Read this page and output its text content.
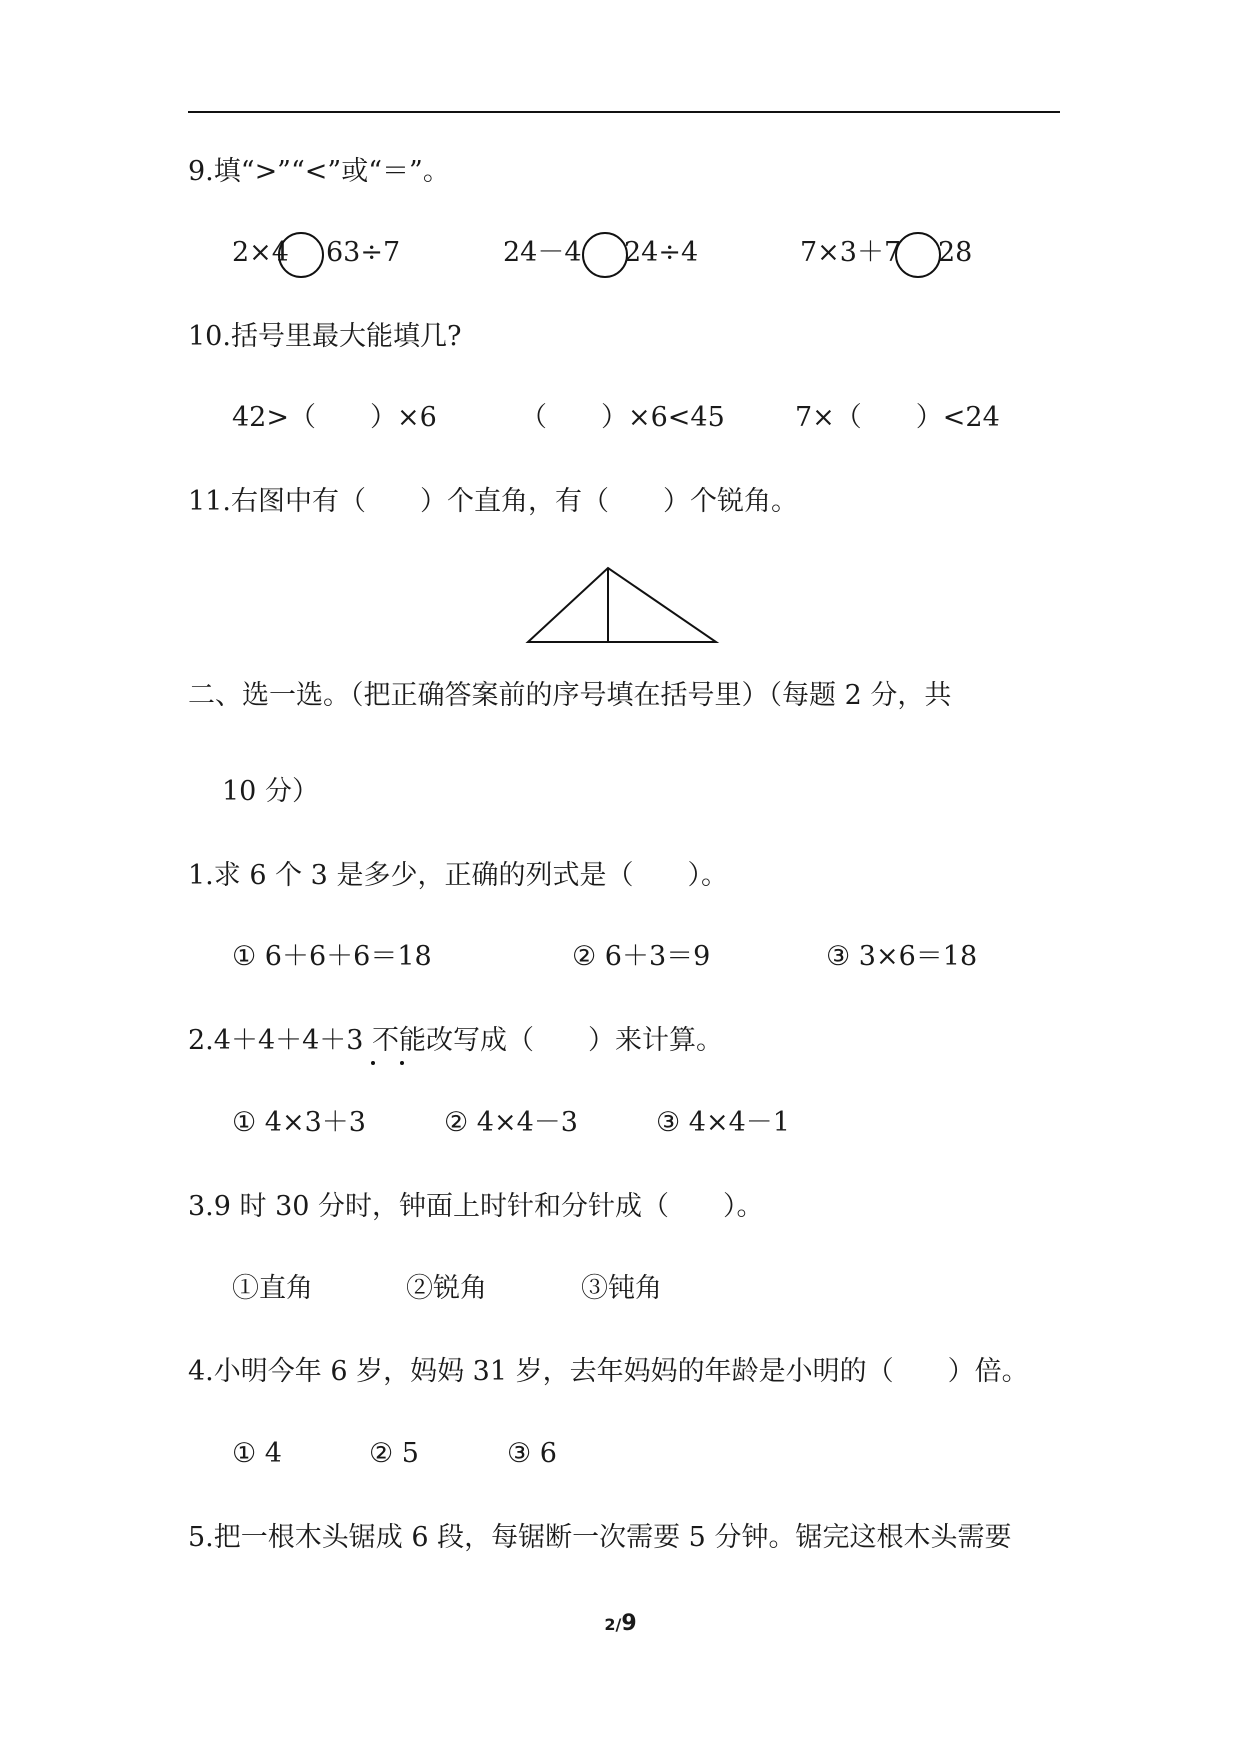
9.填“>”“<”或“＝”。
2×4 63÷7	24－4 24÷4	7×3＋7 28
10.括号里最大能填几?
42>（　　）×6	（　　）×6<45	7×（　　）<24
11.右图中有（　　）个直角，有（　　）个锐角。
二、选一选。（把正确答案前的序号填在括号里）（每题 2 分，共
10 分）
1.求 6 个 3 是多少，正确的列式是（　　）。
① 6＋6＋6＝18	② 6＋3＝9	③ 3×6＝18
2.4＋4＋4＋3 不能改写成（　　）来计算。
① 4×3＋3	② 4×4－3	③ 4×4－1
3.9 时 30 分时，钟面上时针和分针成（　　）。
①直角	②锐角	③钝角
4.小明今年 6 岁，妈妈 31 岁，去年妈妈的年龄是小明的（　　）倍。
① 4	② 5	③ 6
5.把一根木头锯成 6 段，每锯断一次需要 5 分钟。锯完这根木头需要
2/9
